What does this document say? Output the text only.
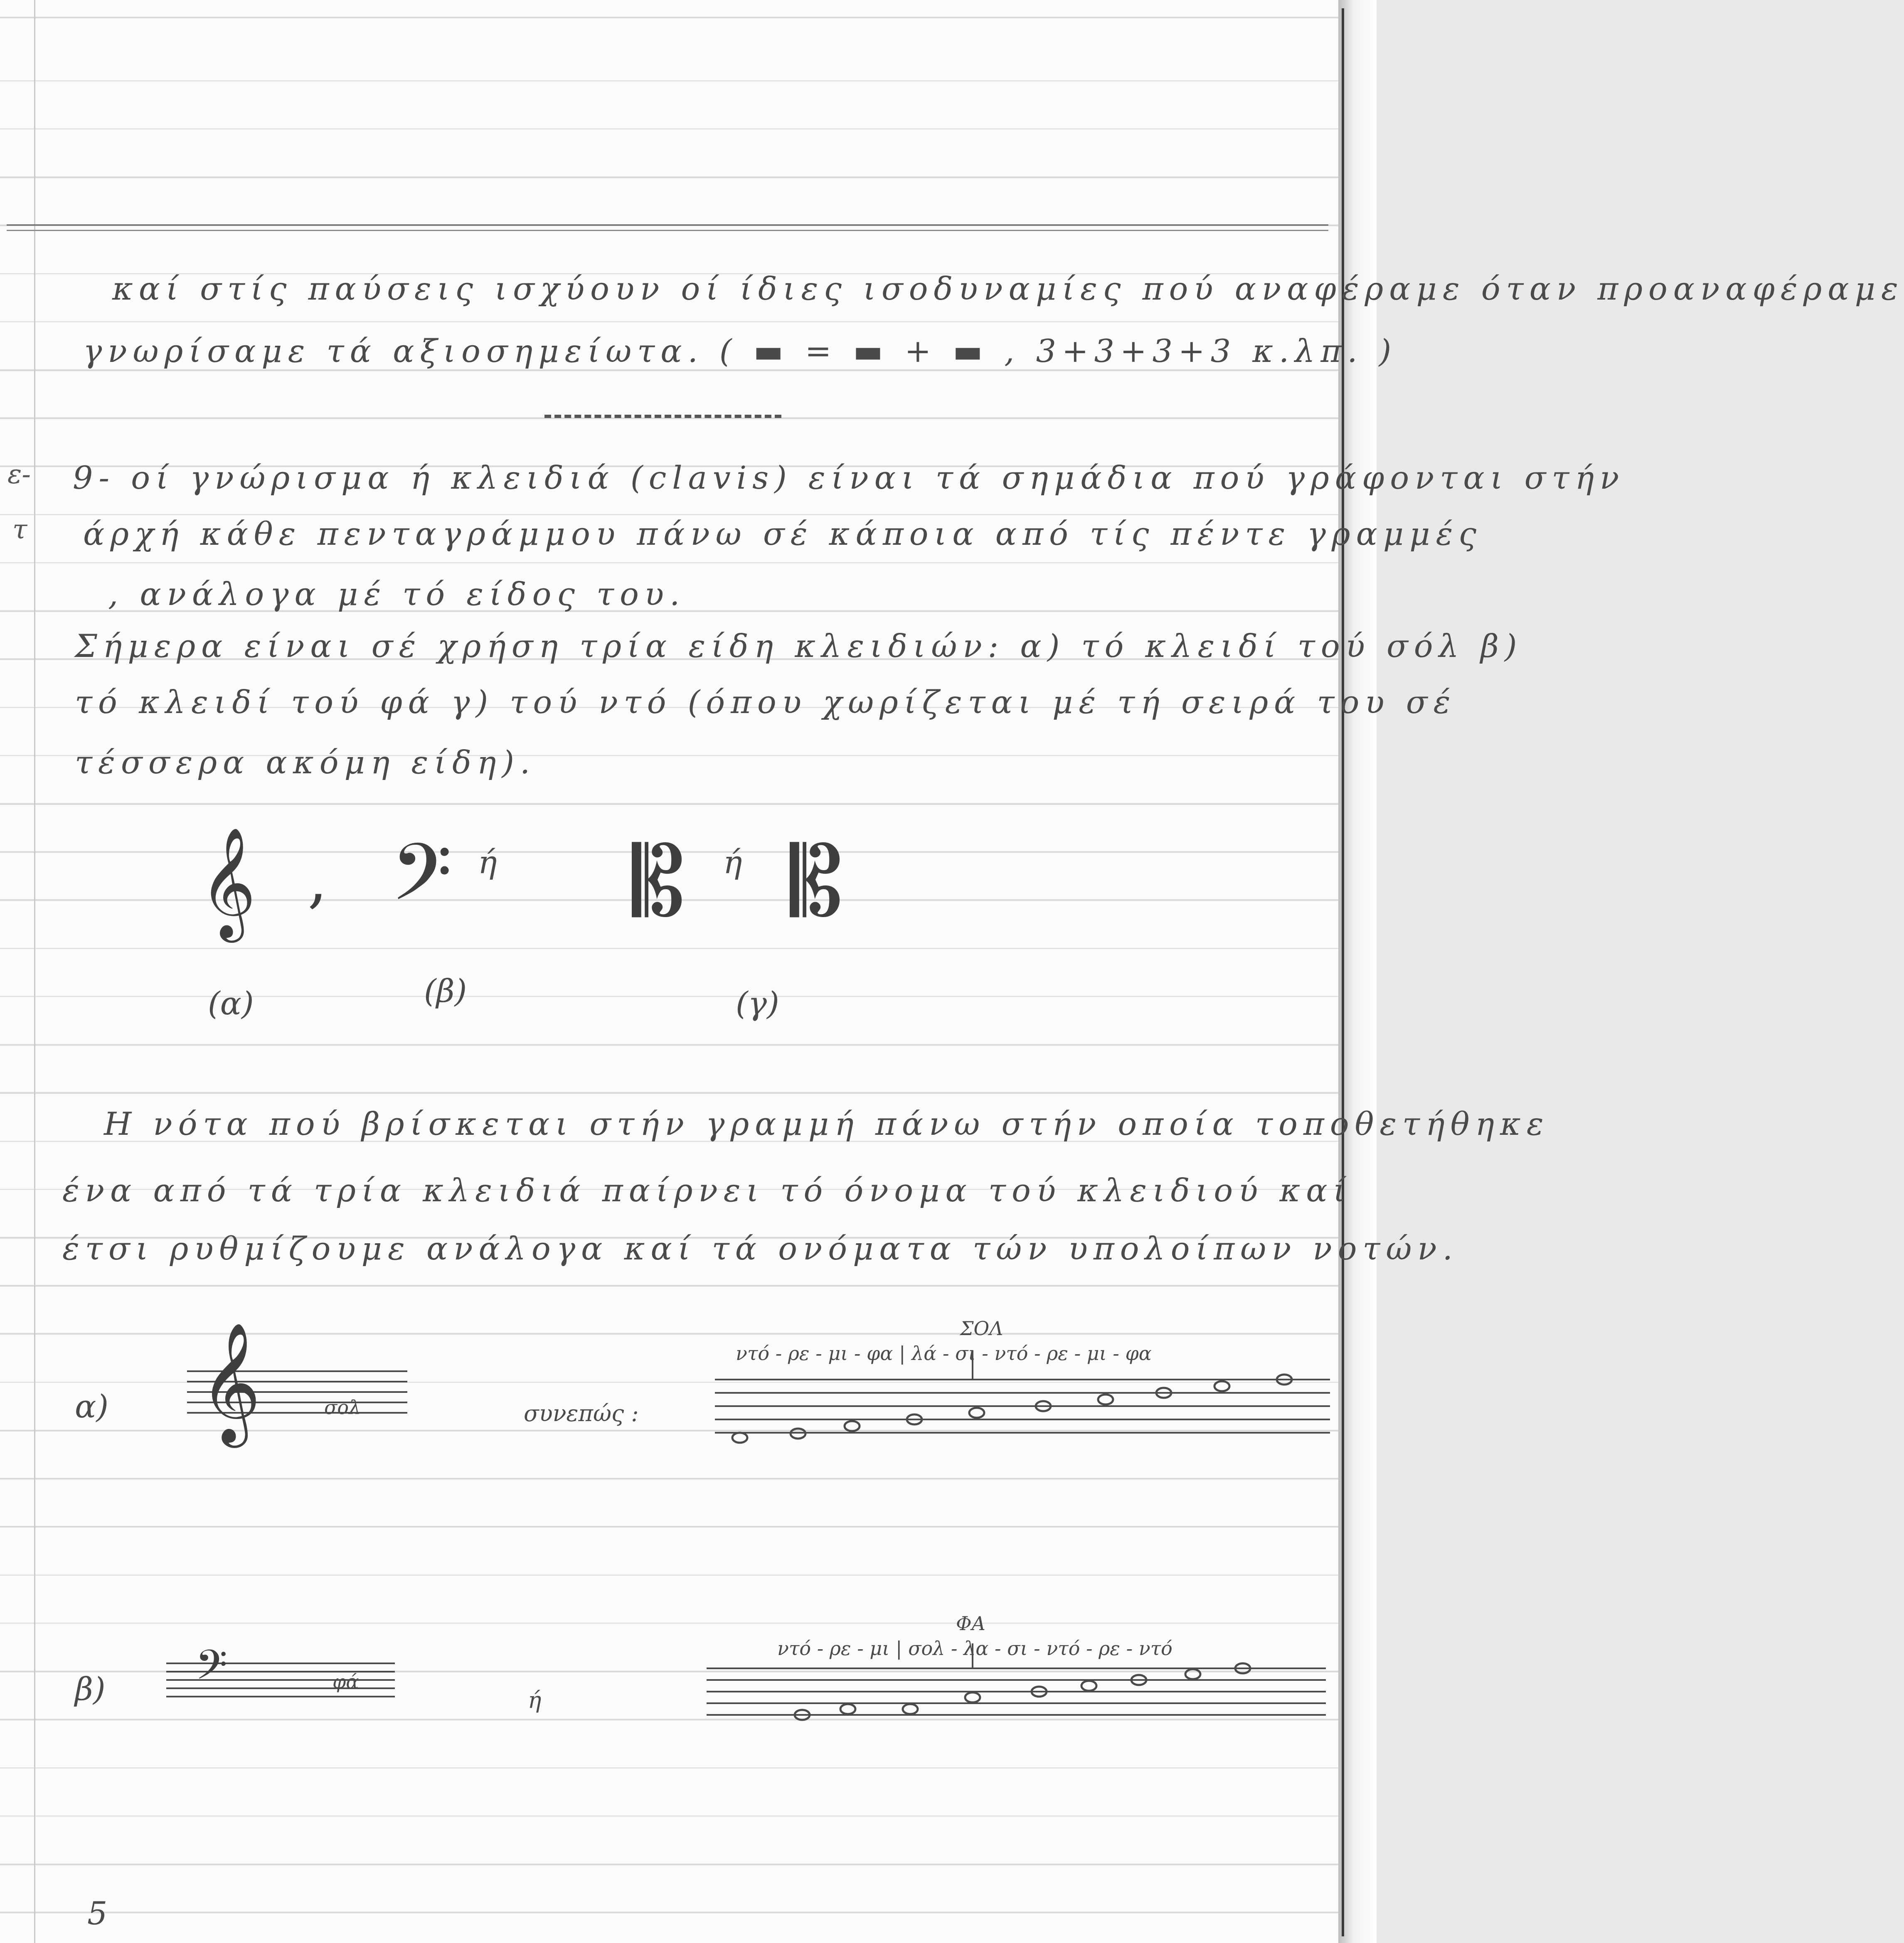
καί στίς παύσεις ισχύουν οί ίδιες ισοδυναμίες πού αναφέραμε όταν προαναφέραμε
γνωρίσαμε τά αξιοσημείωτα. ( ▬ = ▬ + ▬ , 3+3+3+3 κ.λπ. )
ε-
τ
9- οί γνώρισμα ή κλειδιά (clavis) είναι τά σημάδια πού γράφονται στήν
άρχή κάθε πενταγράμμου πάνω σέ κάποια από τίς πέντε γραμμές
, ανάλογα μέ τό είδος του.
Σήμερα είναι σέ χρήση τρία είδη κλειδιών: α) τό κλειδί τού σόλ β)
τό κλειδί τού φά γ) τού ντό (όπου χωρίζεται μέ τή σειρά του σέ
τέσσερα ακόμη είδη).
𝄞 , 𝄢 ή 𝄡 ή 𝄡
(α)	(β)	(γ)
Η νότα πού βρίσκεται στήν γραμμή πάνω στήν οποία τοποθετήθηκε
ένα από τά τρία κλειδιά παίρνει τό όνομα τού κλειδιού καί
έτσι ρυθμίζουμε ανάλογα καί τά ονόματα τών υπολοίπων νοτών.
α) 𝄞	σολ	συνεπώς :
ΣΟΛ
ντό - ρε - μι - φα | λά - σι - ντό - ρε - μι - φα
β) 𝄢	φά
ή
ΦΑ
ντό - ρε - μι | σολ - λα - σι - ντό - ρε - ντό
5
